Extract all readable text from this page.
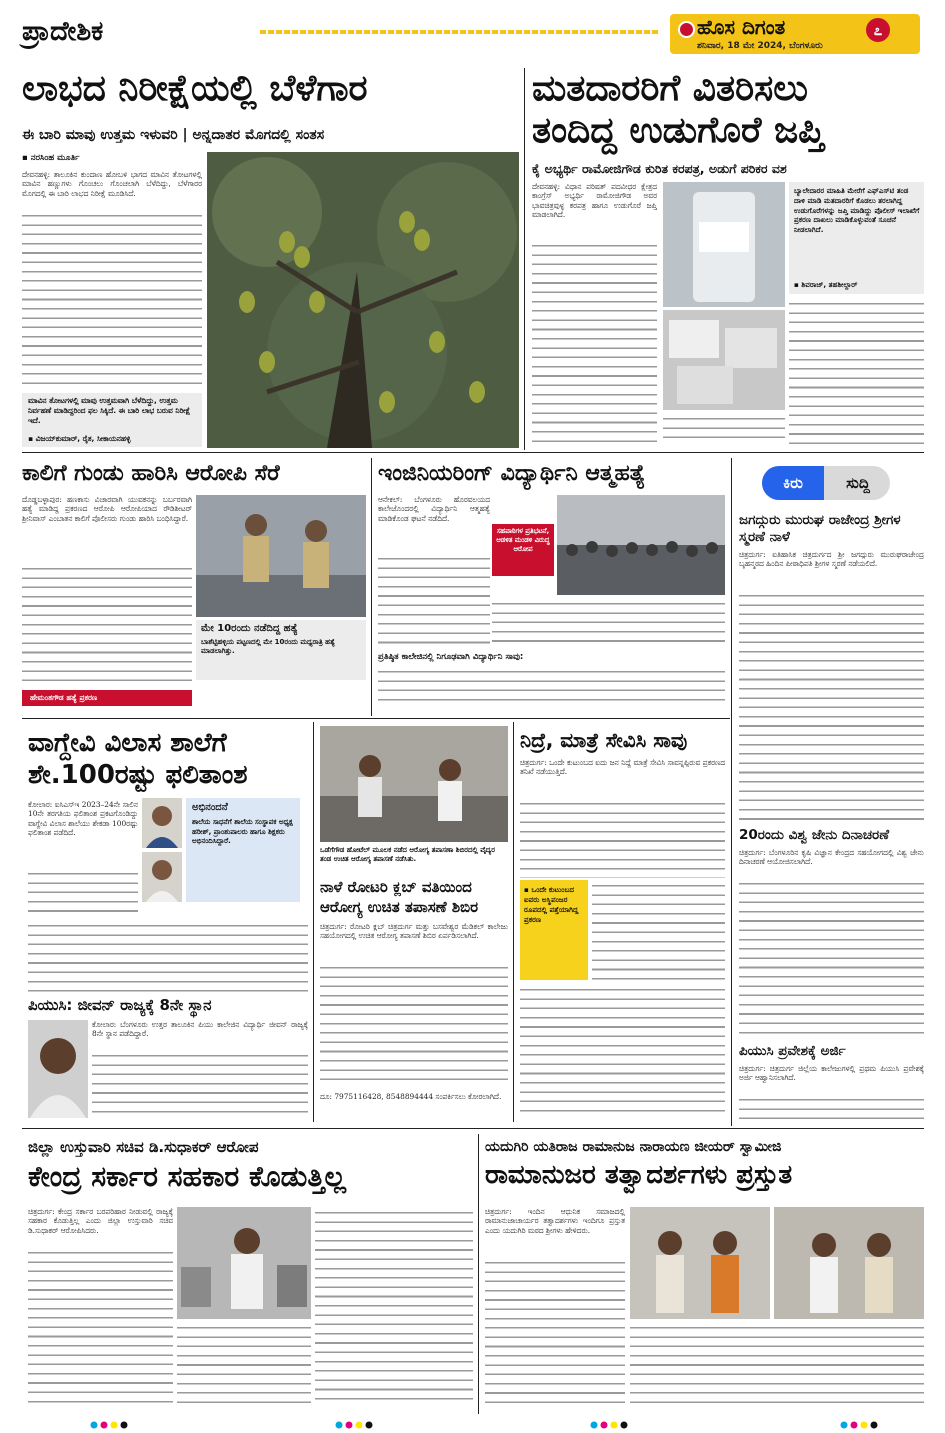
ಪ್ರಾದೇಶಿಕ	ಹೊಸ ದಿಗಂತ	೭
ಶನಿವಾರ, 18 ಮೇ 2024, ಬೆಂಗಳೂರು
ಲಾಭದ ನಿರೀಕ್ಷೆಯಲ್ಲಿ ಬೆಳೆಗಾರ
ಈ ಬಾರಿ ಮಾವು ಉತ್ತಮ ಇಳುವರಿ | ಅನ್ನದಾತರ ಮೊಗದಲ್ಲಿ ಸಂತಸ
▪ ನರಸಿಂಹ ಮೂರ್ತಿ
ದೇವನಹಳ್ಳಿ: ತಾಲೂಕಿನ ಕುಂದಾಣ ಹೋಬಳಿ ಭಾಗದ ಮಾವಿನ ತೋಟಗಳಲ್ಲಿ ಮಾವಿನ ಹಣ್ಣುಗಳು ಗೊಂಚಲು ಗೊಂಚಲಾಗಿ ಬೆಳೆದಿದ್ದು, ಬೆಳೆಗಾರರ ಮೊಗದಲ್ಲಿ ಈ ಬಾರಿ ಲಾಭದ ನಿರೀಕ್ಷೆ ಮೂಡಿಸಿದೆ.
ಮಾವಿನ ತೋಟಗಳಲ್ಲಿ ಮಾವು ಉತ್ತಮವಾಗಿ ಬೆಳೆದಿದ್ದು, ಉತ್ತಮ ನಿರ್ವಹಣೆ ಮಾಡಿದ್ದರಿಂದ ಫಲ ಸಿಕ್ಕಿದೆ. ಈ ಬಾರಿ ಲಾಭ ಬರುವ ನಿರೀಕ್ಷೆ ಇದೆ.
▪ ವಿಜಯ್‌ಕುಮಾರ್, ರೈತ, ಸೀಕಾಯನಹಳ್ಳಿ
ಮತದಾರರಿಗೆ ವಿತರಿಸಲು
ತಂದಿದ್ದ ಉಡುಗೊರೆ ಜಪ್ತಿ
ಕೈ ಅಭ್ಯರ್ಥಿ ರಾಮೋಜಿಗೌಡ ಕುರಿತ ಕರಪತ್ರ, ಅಡುಗೆ ಪರಿಕರ ವಶ
ದೇವನಹಳ್ಳಿ: ವಿಧಾನ ಪರಿಷತ್ ಪದವೀಧರ ಕ್ಷೇತ್ರದ ಕಾಂಗ್ರೆಸ್ ಅಭ್ಯರ್ಥಿ ರಾಮೋಜಿಗೌಡ ಅವರ ಭಾವಚಿತ್ರವುಳ್ಳ ಕರಪತ್ರ ಹಾಗೂ ಉಡುಗೊರೆ ಜಪ್ತಿ ಮಾಡಲಾಗಿದೆ.
ಬ್ಯಾಲೇದಾರರ ಮಾಹಿತಿ ಮೇರೆಗೆ ಎಫ್‌ಎಸ್‌ಟಿ ತಂಡ ದಾಳಿ ಮಾಡಿ ಮತದಾರರಿಗೆ ಕೊಡಲು ತರಲಾಗಿದ್ದ ಉಡುಗೊರೆಗಳನ್ನು ಜಪ್ತಿ ಮಾಡಿದ್ದು ಪೊಲೀಸ್ ಇಲಾಖೆಗೆ ಪ್ರಕರಣ ದಾಖಲು ಮಾಡಿಕೊಳ್ಳುವಂತೆ ಸೂಚನೆ ನೀಡಲಾಗಿದೆ.
▪ ಶಿವರಾಜ್, ತಹಶೀಲ್ದಾರ್
ಕಾಲಿಗೆ ಗುಂಡು ಹಾರಿಸಿ ಆರೋಪಿ ಸೆರೆ
ದೊಡ್ಡಬಳ್ಳಾಪುರ: ಹಣಕಾಸು ವಿಚಾರವಾಗಿ ಯುವಕನನ್ನು ಬರ್ಬರವಾಗಿ ಹತ್ಯೆ ಮಾಡಿದ್ದ ಪ್ರಕರಣದ ಆರೋಪಿ ಆರೋಪಿಯಾದ ರೌಡಿಶೀಟರ್ ಶ್ರೀನಿವಾಸ್ ಎಂಬಾತನ ಕಾಲಿಗೆ ಪೊಲೀಸರು ಗುಂಡು ಹಾರಿಸಿ ಬಂಧಿಸಿದ್ದಾರೆ.
ಮೇ 10ರಂದು ನಡೆದಿದ್ದ ಹತ್ಯೆ
ಬಾಶೆಟ್ಟಿಹಳ್ಳಿಯ ಪಟ್ಟಣದಲ್ಲಿ ಮೇ 10ರಂದು ಮಧ್ಯರಾತ್ರಿ ಹತ್ಯೆ ಮಾಡಲಾಗಿತ್ತು.
ಹೇಮಂತಗೌಡ ಹತ್ಯೆ ಪ್ರಕರಣ
ಇಂಜಿನಿಯರಿಂಗ್ ವಿದ್ಯಾರ್ಥಿನಿ ಆತ್ಮಹತ್ಯೆ
ಆನೇಕಲ್: ಬೆಂಗಳೂರು ಹೊರವಲಯದ ಕಾಲೇಜೊಂದರಲ್ಲಿ ವಿದ್ಯಾರ್ಥಿನಿ ಆತ್ಮಹತ್ಯೆ ಮಾಡಿಕೊಂಡ ಘಟನೆ ನಡೆದಿದೆ.
ಸಹಪಾಠಿಗಳ ಪ್ರತಿಭಟನೆ, ಆಡಳಿತ ಮಂಡಳಿ ವಿರುದ್ಧ ಆರೋಪ
ಪ್ರತಿಷ್ಠಿತ ಕಾಲೇಜಿನಲ್ಲಿ ನಿಗೂಢವಾಗಿ ವಿದ್ಯಾರ್ಥಿನಿ ಸಾವು:
ಕಿರು	ಸುದ್ದಿ
ಜಗದ್ಗುರು ಮುರುಘ ರಾಜೇಂದ್ರ ಶ್ರೀಗಳ ಸ್ಮರಣೆ ನಾಳೆ
ಚಿತ್ರದುರ್ಗ: ಐತಿಹಾಸಿಕ ಚಿತ್ರದುರ್ಗದ ಶ್ರೀ ಜಗದ್ಗುರು ಮುರುಘರಾಜೇಂದ್ರ ಬೃಹನ್ಮಠದ ಹಿಂದಿನ ಪೀಠಾಧಿಪತಿ ಶ್ರೀಗಳ ಸ್ಮರಣೆ ನಡೆಯಲಿದೆ.
20ರಂದು ವಿಶ್ವ ಜೇನು ದಿನಾಚರಣೆ
ಚಿತ್ರದುರ್ಗ: ಬೆಂಗಳೂರಿನ ಕೃಷಿ ವಿಜ್ಞಾನ ಕೇಂದ್ರದ ಸಹಯೋಗದಲ್ಲಿ ವಿಶ್ವ ಜೇನು ದಿನಾಚರಣೆ ಆಯೋಜಿಸಲಾಗಿದೆ.
ಪಿಯುಸಿ ಪ್ರವೇಶಕ್ಕೆ ಅರ್ಜಿ
ಚಿತ್ರದುರ್ಗ: ಚಿತ್ರದುರ್ಗ ಜಿಲ್ಲೆಯ ಕಾಲೇಜುಗಳಲ್ಲಿ ಪ್ರಥಮ ಪಿಯುಸಿ ಪ್ರವೇಶಕ್ಕೆ ಅರ್ಜಿ ಆಹ್ವಾನಿಸಲಾಗಿದೆ.
ವಾಗ್ದೇವಿ ವಿಲಾಸ ಶಾಲೆಗೆ
ಶೇ.100ರಷ್ಟು ಫಲಿತಾಂಶ
ಕೋಲಾರ: ಐಸಿಎಸ್‌ಇ 2023–24ನೇ ಸಾಲಿನ 10ನೇ ತರಗತಿಯ ಫಲಿತಾಂಶ ಪ್ರಕಟಗೊಂಡಿದ್ದು ವಾಗ್ದೇವಿ ವಿಲಾಸ ಶಾಲೆಯು ಶೇಕಡಾ 100ರಷ್ಟು ಫಲಿತಾಂಶ ಪಡೆದಿದೆ.
ಅಭಿನಂದನೆ
ಶಾಲೆಯ ಸಾಧನೆಗೆ ಶಾಲೆಯ ಸಂಸ್ಥಾಪಕ ಅಧ್ಯಕ್ಷ ಹರೀಶ್, ಪ್ರಾಂಶುಪಾಲರು ಹಾಗೂ ಶಿಕ್ಷಕರು ಅಭಿನಂದಿಸಿದ್ದಾರೆ.
ಪಿಯುಸಿ: ಜೀವನ್ ರಾಜ್ಯಕ್ಕೆ 8ನೇ ಸ್ಥಾನ
ಕೋಲಾರ: ಬೆಂಗಳೂರು ಉತ್ತರ ತಾಲೂಕಿನ ಪಿಯು ಕಾಲೇಜಿನ ವಿದ್ಯಾರ್ಥಿ ಜೀವನ್ ರಾಜ್ಯಕ್ಕೆ 8ನೇ ಸ್ಥಾನ ಪಡೆದಿದ್ದಾರೆ.
ಒಡೆಗೆಗೌಡ ಹೋಟೆಲ್ ಮೂಲಕ ನಡೆದ ಆರೋಗ್ಯ ತಪಾಸಣಾ ಶಿಬಿರದಲ್ಲಿ ವೈದ್ಯರ ತಂಡ ಉಚಿತ ಆರೋಗ್ಯ ತಪಾಸಣೆ ನಡೆಸಿತು.
ನಾಳೆ ರೋಟರಿ ಕ್ಲಬ್ ವತಿಯಿಂದ
ಆರೋಗ್ಯ ಉಚಿತ ತಪಾಸಣೆ ಶಿಬಿರ
ಚಿತ್ರದುರ್ಗ: ರೋಟರಿ ಕ್ಲಬ್ ಚಿತ್ರದುರ್ಗ ಮತ್ತು ಬಸವೇಶ್ವರ ಮೆಡಿಕಲ್ ಕಾಲೇಜು ಸಹಯೋಗದಲ್ಲಿ ಉಚಿತ ಆರೋಗ್ಯ ತಪಾಸಣೆ ಶಿಬಿರ ಏರ್ಪಡಿಸಲಾಗಿದೆ.
ದೂ: 7975116428, 8548894444 ಸಂಪರ್ಕಿಸಲು ಕೋರಲಾಗಿದೆ.
ನಿದ್ರೆ, ಮಾತ್ರೆ ಸೇವಿಸಿ ಸಾವು
ಚಿತ್ರದುರ್ಗ: ಒಂದೇ ಕುಟುಂಬದ ಐದು ಜನ ನಿದ್ದೆ ಮಾತ್ರೆ ಸೇವಿಸಿ ಸಾವನ್ನಪ್ಪಿರುವ ಪ್ರಕರಣದ ತನಿಖೆ ನಡೆಯುತ್ತಿದೆ.
▪ ಒಂದೇ ಕುಟುಂಬದ ಐವರು ಅಸ್ಥಿಪಂಜರ ರೂಪದಲ್ಲಿ ಪತ್ತೆಯಾಗಿದ್ದ ಪ್ರಕರಣ
ಜಿಲ್ಲಾ ಉಸ್ತುವಾರಿ ಸಚಿವ ಡಿ.ಸುಧಾಕರ್ ಆರೋಪ
ಕೇಂದ್ರ ಸರ್ಕಾರ ಸಹಕಾರ ಕೊಡುತ್ತಿಲ್ಲ
ಚಿತ್ರದುರ್ಗ: ಕೇಂದ್ರ ಸರ್ಕಾರ ಬರಪರಿಹಾರ ನೀಡುವಲ್ಲಿ ರಾಜ್ಯಕ್ಕೆ ಸಹಕಾರ ಕೊಡುತ್ತಿಲ್ಲ ಎಂದು ಜಿಲ್ಲಾ ಉಸ್ತುವಾರಿ ಸಚಿವ ಡಿ.ಸುಧಾಕರ್ ಆರೋಪಿಸಿದರು.
ಯದುಗಿರಿ ಯತಿರಾಜ ರಾಮಾನುಜ ನಾರಾಯಣ ಜೀಯರ್ ಸ್ವಾಮೀಜಿ
ರಾಮಾನುಜರ ತತ್ವಾದರ್ಶಗಳು ಪ್ರಸ್ತುತ
ಚಿತ್ರದುರ್ಗ: ಇಂದಿನ ಆಧುನಿಕ ಸಮಾಜದಲ್ಲಿ ರಾಮಾನುಜಾಚಾರ್ಯರ ತತ್ವಾದರ್ಶಗಳು ಇಂದಿಗೂ ಪ್ರಸ್ತುತ ಎಂದು ಯದುಗಿರಿ ಮಠದ ಶ್ರೀಗಳು ಹೇಳಿದರು.
